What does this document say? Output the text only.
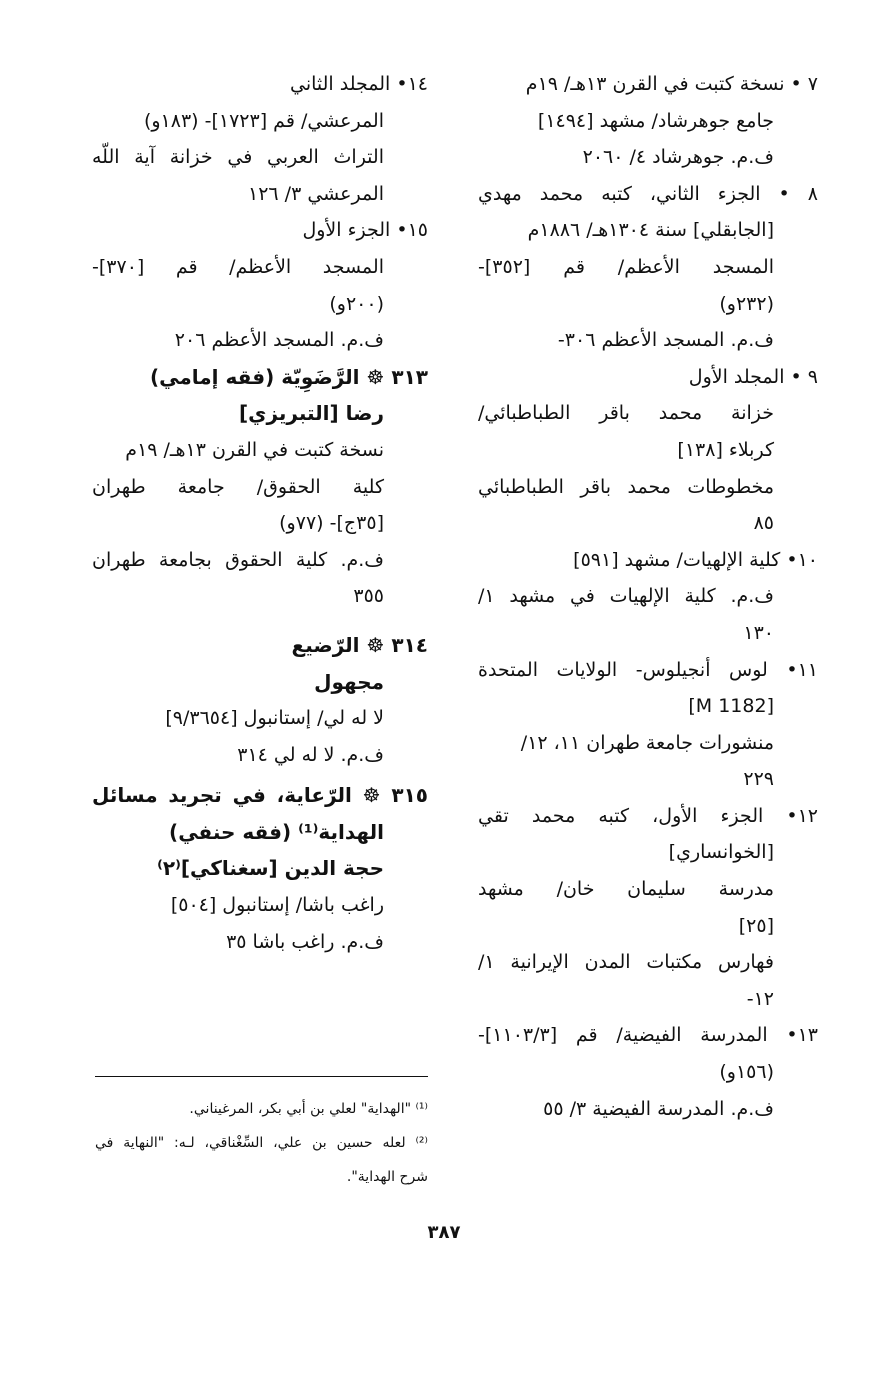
٧ • نسخة كتبت في القرن ١٣هـ/ ١٩م
جامع جوهرشاد/ مشهد [١٤٩٤]
ف.م. جوهرشاد ٤/ ٢٠٦٠
٨ • الجزء الثاني، كتبه محمد مهدي
[الجابقلي] سنة ١٣٠٤هـ/ ١٨٨٦م
المسجد الأعظم/ قم [٣٥٢]-
(٢٣٢و)
ف.م. المسجد الأعظم ٣٠٦-
٩ • المجلد الأول
خزانة محمد باقر الطباطبائي/
كربلاء [١٣٨]
مخطوطات محمد باقر الطباطبائي
٨٥
١٠• كلية الإلهيات/ مشهد [٥٩١]
ف.م. كلية الإلهيات في مشهد ١/
١٣٠
١١• لوس أنجيلوس- الولايات المتحدة
[M 1182]
منشورات جامعة طهران ١١، ١٢/
٢٢٩
١٢• الجزء الأول، كتبه محمد تقي
[الخوانساري]
مدرسة سليمان خان/ مشهد
[٢٥]
فهارس مكتبات المدن الإيرانية ١/
١٢-
١٣• المدرسة الفيضية/ قم [١١٠٣/٣]-
(١٥٦و)
ف.م. المدرسة الفيضية ٣/ ٥٥
١٤• المجلد الثاني
المرعشي/ قم [١٧٢٣]- (١٨٣و)
التراث العربي في خزانة آية اللّه
المرعشي ٣/ ١٢٦
١٥• الجزء الأول
المسجد الأعظم/ قم [٣٧٠]-
(٢٠٠و)
ف.م. المسجد الأعظم ٢٠٦
٣١٣ ☸ الرَّضَوِيّة (فقه إمامي)
رضا [التبريزي]
نسخة كتبت في القرن ١٣هـ/ ١٩م
كلية الحقوق/ جامعة طهران
[٣٥ج]- (٧٧و)
ف.م. كلية الحقوق بجامعة طهران
٣٥٥
٣١٤ ☸ الرّضيع
مجهول
لا له لي/ إستانبول [٩/٣٦٥٤]
ف.م. لا له لي ٣١٤
٣١٥ ☸ الرّعاية، في تجريد مسائل
الهداية⁽¹⁾ (فقه حنفي)
حجة الدين [سغناكي]⁽٢⁾
راغب باشا/ إستانبول [٥٠٤]
ف.م. راغب باشا ٣٥
⁽¹⁾ "الهداية" لعلي بن أبي بكر، المرغيناني.
⁽²⁾ لعله حسين بن علي، السِّغْناقي، لـه: "النهاية في
شرح الهداية".
٣٨٧
